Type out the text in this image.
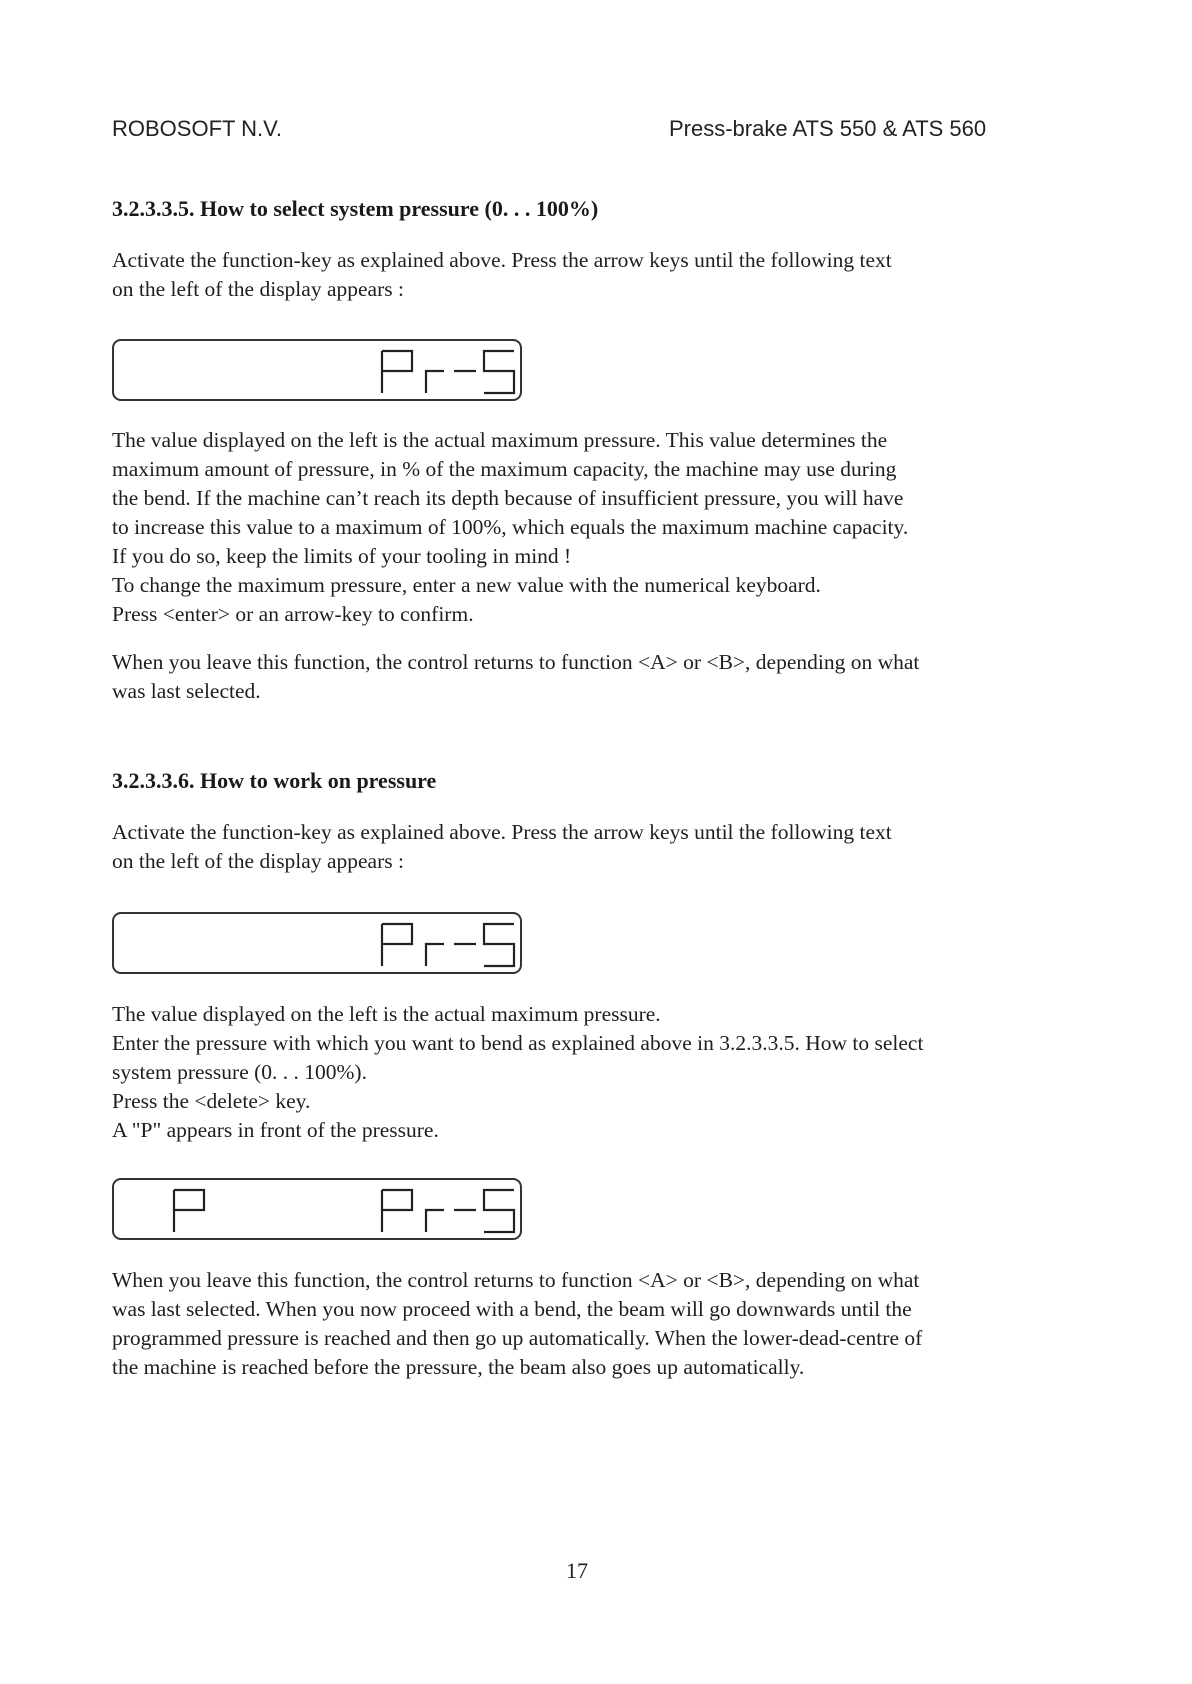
ROBOSOFT N.V.	Press-brake ATS 550 & ATS 560
3.2.3.3.5. How to select system pressure (0. . . 100%)
Activate the function-key as explained above. Press the arrow keys until the following text
on the left of the display appears :
The value displayed on the left is the actual maximum pressure. This value determines the
maximum amount of pressure, in % of the maximum capacity, the machine may use during
the bend. If the machine can’t reach its depth because of insufficient pressure, you will have
to increase this value to a maximum of 100%, which equals the maximum machine capacity.
If you do so, keep the limits of your tooling in mind !
To change the maximum pressure, enter a new value with the numerical keyboard.
Press <enter> or an arrow-key to confirm.
When you leave this function, the control returns to function <A> or <B>, depending on what
was last selected.
3.2.3.3.6. How to work on pressure
Activate the function-key as explained above. Press the arrow keys until the following text
on the left of the display appears :
The value displayed on the left is the actual maximum pressure.
Enter the pressure with which you want to bend as explained above in 3.2.3.3.5. How to select
system pressure (0. . . 100%).
Press the <delete> key.
A "P" appears in front of the pressure.
P
When you leave this function, the control returns to function <A> or <B>, depending on what
was last selected. When you now proceed with a bend, the beam will go downwards until the
programmed pressure is reached and then go up automatically. When the lower-dead-centre of
the machine is reached before the pressure, the beam also goes up automatically.
17
